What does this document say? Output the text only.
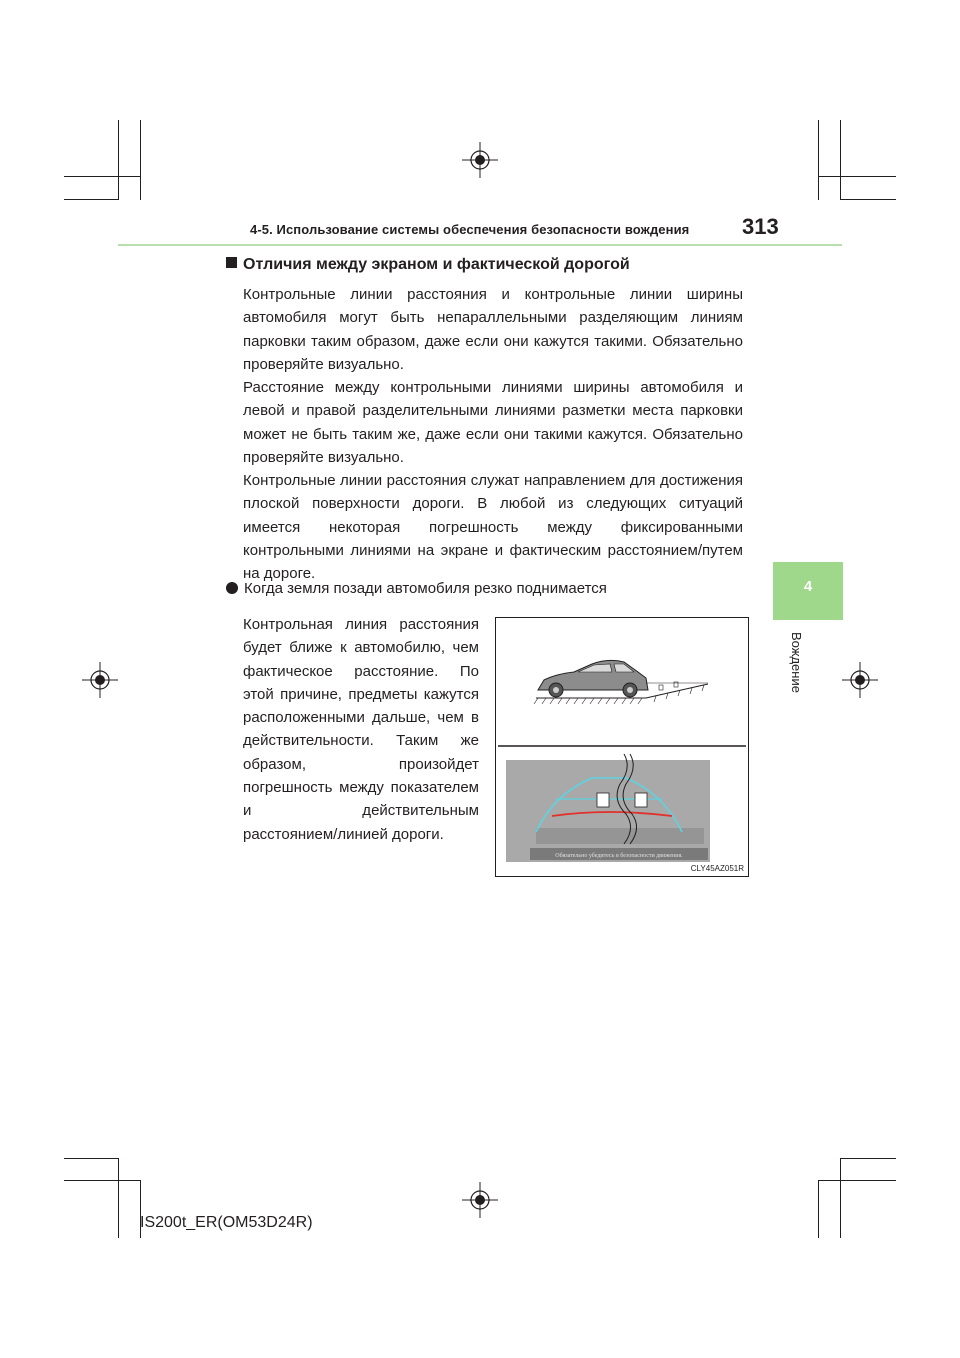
4-5. Использование системы обеспечения безопасности вождения 313
4
Вождение
Отличия между экраном и фактической дорогой
Контрольные линии расстояния и контрольные линии ширины автомобиля могут быть непараллельными разделяющим линиям парковки таким образом, даже если они кажутся такими. Обязательно проверяйте визуально.
Расстояние между контрольными линиями ширины автомобиля и левой и правой разделительными линиями разметки места парковки может не быть таким же, даже если они такими кажутся. Обязательно проверяйте визуально.
Контрольные линии расстояния служат направлением для достижения плоской поверхности дороги. В любой из следующих ситуаций имеется некоторая погрешность между фиксированными контрольными линиями на экране и фактическим расстоянием/путем на дороге.
Когда земля позади автомобиля резко поднимается
Контрольная линия расстояния будет ближе к автомобилю, чем фактическое расстояние. По этой причине, предметы кажутся расположенными дальше, чем в действительности. Таким же образом, произойдет погрешность между показателем и действительным
расстоянием/линией дороги.
Обязательно убедитесь в безопасности движения.
CLY45AZ051R
IS200t_ER(OM53D24R)
